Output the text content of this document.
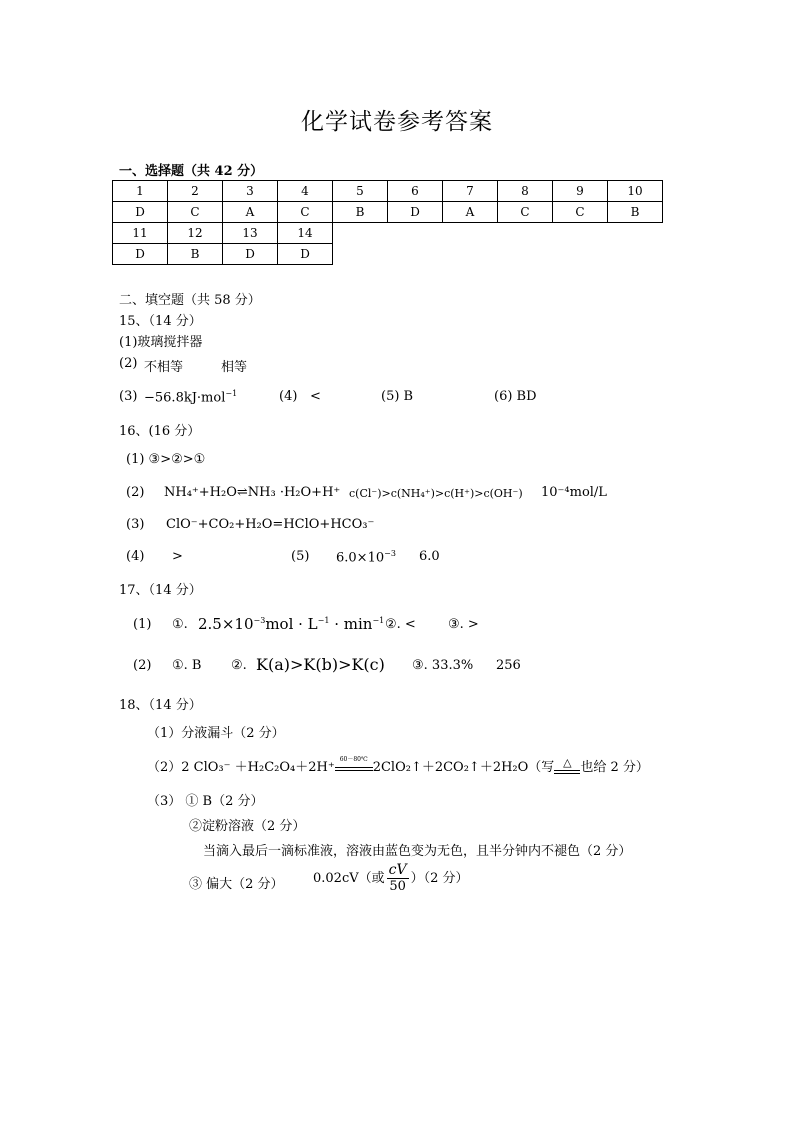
化学试卷参考答案
一、选择题（共 42 分）
1	2	3	4	5	6	7	8	9	10
D	C	A	C	B	D	A	C	C	B
11	12	13	14
D	B	D	D
二、填空题（共 58 分）
15、（14 分）
(1)玻璃搅拌器
(2) 不相等	相等
(3) −56.8kJ·mol$^{-1}$	(4) <	(5) B	(6) BD
16、(16 分）
(1) ③>②>①
(2) NH₄⁺+H₂O⇌NH₃ ·H₂O+H⁺ c(Cl⁻)>c(NH₄⁺)>c(H⁺)>c(OH⁻) 10⁻⁴mol/L
(3) ClO⁻+CO₂+H₂O=HClO+HCO₃⁻
(4) >	(5) $6.0\times 10^{-3}$ 6.0
17、（14 分）
(1) ①. $2.5\times 10^{-3}mol \cdot L^{-1} \cdot \min^{-1}$ ②. < ③. >
(2) ①. B ②. K(a)>K(b)>K(c) ③. 33.3% 256
18、（14 分）
（1）分液漏斗（2 分）
（2）2 ClO₃⁻ ＋H₂C₂O₄＋2H⁺
60－80℃
2ClO₂↑＋2CO₂↑＋2H₂O（写 △ 也给 2 分）
（3） ① B（2 分）
②淀粉溶液（2 分）
当滴入最后一滴标准液，溶液由蓝色变为无色，且半分钟内不褪色（2 分）
③ 偏大（2 分） 0.02cV（或 $\frac{cV}{50} )(2$ 分）
